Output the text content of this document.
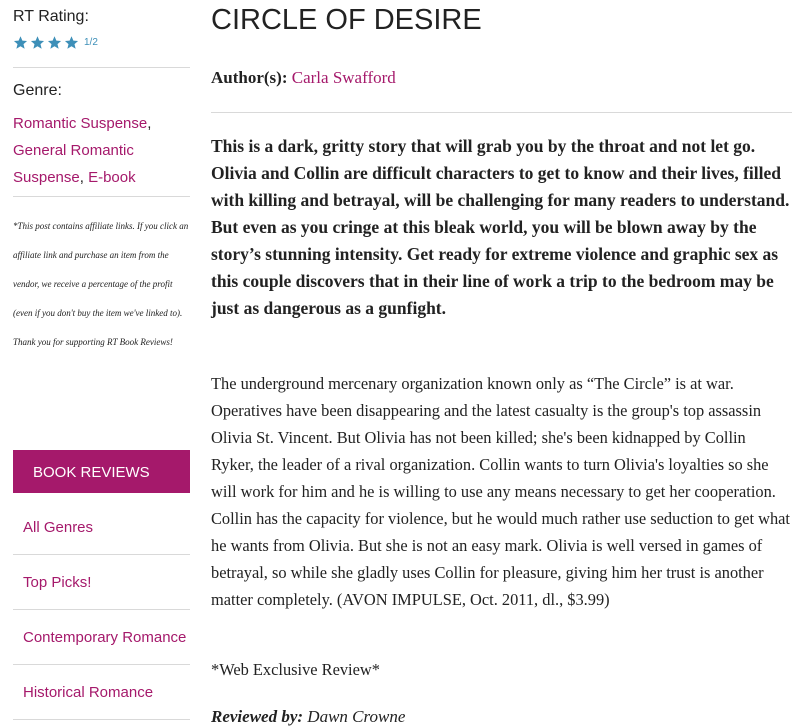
RT Rating:
1/2
Genre:
Romantic Suspense, General Romantic Suspense, E-book
*This post contains affiliate links. If you click an affiliate link and purchase an item from the vendor, we receive a percentage of the profit (even if you don't buy the item we've linked to). Thank you for supporting RT Book Reviews!
BOOK REVIEWS
All Genres
Top Picks!
Contemporary Romance
Historical Romance
CIRCLE OF DESIRE
Author(s): Carla Swafford

This is a dark, gritty story that will grab you by the throat and not let go. Olivia and Collin are difficult characters to get to know and their lives, filled with killing and betrayal, will be challenging for many readers to understand. But even as you cringe at this bleak world, you will be blown away by the story’s stunning intensity. Get ready for extreme violence and graphic sex as this couple discovers that in their line of work a trip to the bedroom may be just as dangerous as a gunfight.

The underground mercenary organization known only as “The Circle” is at war. Operatives have been disappearing and the latest casualty is the group's top assassin Olivia St. Vincent. But Olivia has not been killed; she's been kidnapped by Collin Ryker, the leader of a rival organization. Collin wants to turn Olivia's loyalties so she will work for him and he is willing to use any means necessary to get her cooperation. Collin has the capacity for violence, but he would much rather use seduction to get what he wants from Olivia. But she is not an easy mark. Olivia is well versed in games of betrayal, so while she gladly uses Collin for pleasure, giving him her trust is another matter completely. (AVON IMPULSE, Oct. 2011, dl., $3.99)

*Web Exclusive Review*

Reviewed by: Dawn Crowne
